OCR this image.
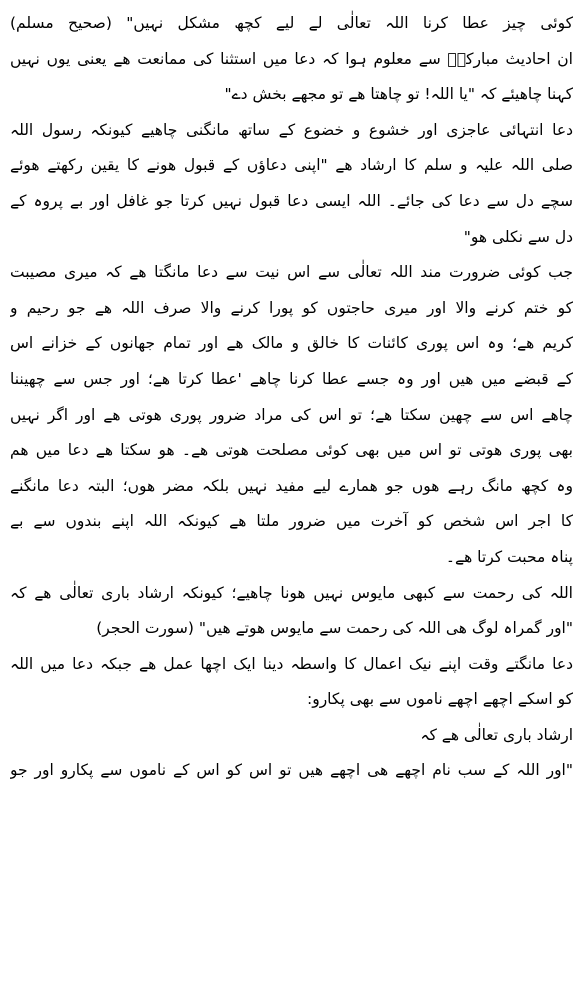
کوئی چیز عطا کرنا اللہ تعالٰی لے لیے کچھ مشکل نہیں" (صحیح مسلم)
ان احادیث مبارکہؐ سے معلوم ہوا کہ دعا میں استثنا کی ممانعت ھے یعنی یوں نہیں
کہنا چاھیئے کہ "یا اللہ! تو چاھتا ھے تو مجھے بخش دے"
دعا انتہائی عاجزی اور خشوع و خضوع کے ساتھ مانگنی چاھیے کیونکہ رسول اللہ
صلی اللہ علیہ و سلم کا ارشاد ھے "اپنی دعاؤں کے قبول ھونے کا یقین رکھتے ھوئے
سچے دل سے دعا کی جائے۔ اللہ ایسی دعا قبول نہیں کرتا جو غافل اور بے پروہ کے
دل سے نکلی ھو"
جب کوئی ضرورت مند اللہ تعالٰی سے اس نیت سے دعا مانگتا ھے کہ میری مصیبت
کو ختم کرنے والا اور میری حاجتوں کو پورا کرنے والا صرف اللہ ھے جو رحیم و
کریم ھے؛ وہ اس پوری کائنات کا خالق و مالک ھے اور تمام جھانوں کے خزانے اس
کے قبضے میں ھیں اور وہ جسے عطا کرنا چاھے 'عطا کرتا ھے؛ اور جس سے چھیننا
چاھے اس سے چھین سکتا ھے؛ تو اس کی مراد ضرور پوری ھوتی ھے اور اگر نہیں
بھی پوری ھوتی تو اس میں بھی کوئی مصلحت ھوتی ھے۔ ھو سکتا ھے دعا میں ھم
وہ کچھ مانگ رہے ھوں جو ھمارے لیے مفید نہیں بلکہ مضر ھوں؛ البتہ دعا مانگنے
کا اجر اس شخص کو آخرت میں ضرور ملتا ھے کیونکہ اللہ اپنے بندوں سے بے
پناہ محبت کرتا ھے۔
اللہ کی رحمت سے کبھی مایوس نہیں ھونا چاھیے؛ کیونکہ ارشاد باری تعالٰی ھے کہ
"اور گمراہ لوگ ھی اللہ کی رحمت سے مایوس ھوتے ھیں" (سورت الحجر)
دعا مانگتے وقت اپنے نیک اعمال کا واسطہ دینا ایک اچھا عمل ھے جبکہ دعا میں اللہ
کو اسکے اچھے اچھے ناموں سے بھی پکارو:
ارشاد باری تعالٰی ھے کہ
"اور اللہ کے سب نام اچھے ھی اچھے ھیں تو اس کو اس کے ناموں سے پکارو اور جو
